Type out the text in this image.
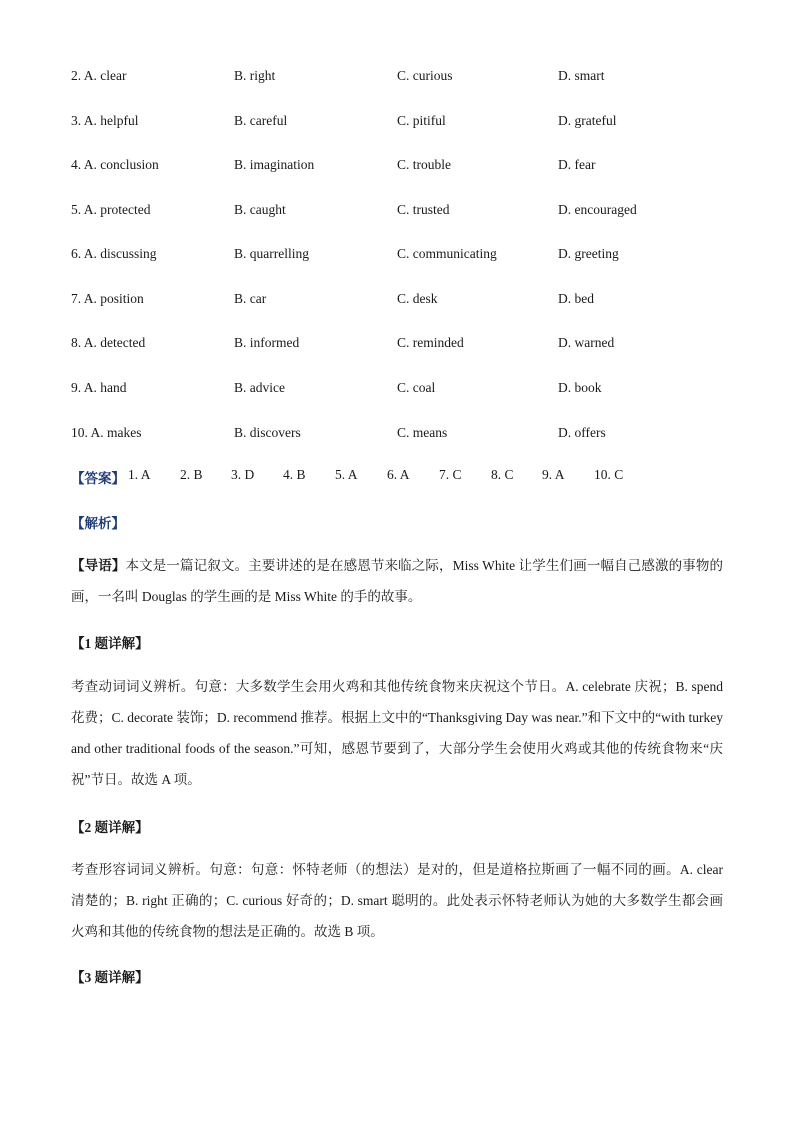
2. A. clear	B. right	C. curious	D. smart
3. A. helpful	B. careful	C. pitiful	D. grateful
4. A. conclusion	B. imagination	C. trouble	D. fear
5. A. protected	B. caught	C. trusted	D. encouraged
6. A. discussing	B. quarrelling	C. communicating	D. greeting
7. A. position	B. car	C. desk	D. bed
8. A. detected	B. informed	C. reminded	D. warned
9. A. hand	B. advice	C. coal	D. book
10. A. makes	B. discovers	C. means	D. offers
【答案】 1. A 2. B 3. D 4. B 5. A 6. A 7. C 8. C 9. A 10. C
【解析】
【导语】本文是一篇记叙文。主要讲述的是在感恩节来临之际，Miss White 让学生们画一幅自己感激的事物的画，一名叫 Douglas 的学生画的是 Miss White 的手的故事。
【1 题详解】
考查动词词义辨析。句意：大多数学生会用火鸡和其他传统食物来庆祝这个节日。A. celebrate 庆祝；B. spend 花费；C. decorate 装饰；D. recommend 推荐。根据上文中的“Thanksgiving Day was near.”和下文中的“with turkey and other traditional foods of the season.”可知，感恩节要到了，大部分学生会使用火鸡或其他的传统食物来“庆祝”节日。故选 A 项。
【2 题详解】
考查形容词词义辨析。句意：句意：怀特老师（的想法）是对的，但是道格拉斯画了一幅不同的画。A. clear 清楚的；B. right 正确的；C. curious 好奇的；D. smart 聪明的。此处表示怀特老师认为她的大多数学生都会画火鸡和其他的传统食物的想法是正确的。故选 B 项。
【3 题详解】
